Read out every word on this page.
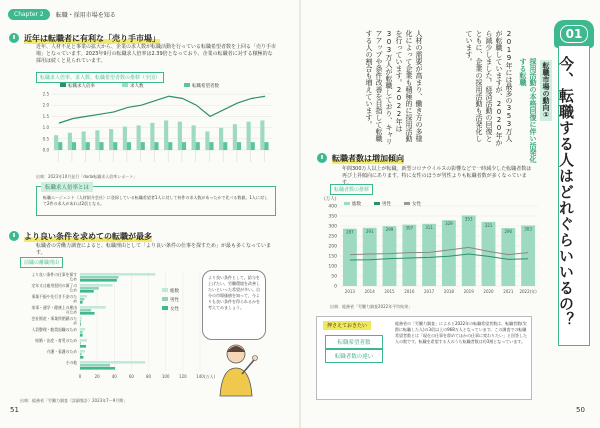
Chapter 2	転職・採用市場を知る
近年は転職者に有利な「売り手市場」
近年、人材不足と事業の拡大から、企業の求人数が転職活動を行っている転職希望者数を上回る「売り手市場」となっています。2023年9月の転職求人倍率は2.39倍となっており、企業の転職者に対する積極的な採用は続くと見られています。
転職求人倍率、求人数、転職希望者数の推移（全国）
転職求人倍率	求人数	転職希望者数
0.0
0.5
1.0
1.5
2.0
2.5
出典：2023年10月発行「doda転職求人倍率レポート」
転職求人倍率とは
転職エージェント（人材紹介会社）に登録している転職希望者1人に対して何件の求人数があったかで比べる数値。1人に対して2件の求人があれば2倍となる。
より良い条件を求めての転職が最多
転職者の労働力調査によると、転職理由として「より良い条件の仕事を探すため」が最も多くなっています。
前職の離職理由
0	20	40	60	80	100 120 140 (万人)
より良い条件の仕事を探す
ため
定年又は雇用契約の満了の
ため
事業不振や先行き不安のた
め
家事・通学・健康上の理由
のため
会社倒産・事業所閉鎖のた
め
人員整理・勧奨退職のため
結婚・出産・育児のため
介護・看護のため
その他
総数
男性
女性
より良い条件として、給与を上げたい、労働環境を改善したいといった希望が多い。自分の市場価値を知って、今よりも良い条件を得られるかを考えてみましょう。
出典：総務省「労働力調査（詳細集計）2023年7〜9月期」
51
01
今、転職する人はどれぐらいいるの？
転職市場の動向①
採用活動の本格回復に伴い活発化する転職
2019年には最多の353万人が転職していますが、2020年から減少しました。経済活動の回復とともに、企業の採用活動も活発化しています。
人材の需要が高まり、働き方の多様化によって企業も積極的に採用活動を行っています。2022年は303万人が転職しており、キャリアアップや条件改善を目指して転職する人の割合も増えています。
転職者数は増加傾向
年間300万人以上が転職。新型コロナウイルスの影響などで一時減少した転職者数は再び上昇傾向にあります。特に女性のほうが男性よりも転職者数が多くなっています。
転職者数の推移
(万人)
0
50
100
150
200
250
300
350
400	総数	男性	女性
287
2013
291
2014
299
2015
307
2016
311
2017
329
2018
353
2019
321
2020
290
2021
303
2022(年)
出典：総務省「労働力調査2022年平均結果」
押さえておきたい
転職希望者数
転職者数の違い
総務省の「労働力調査」によると2022年の転職希望者数は、転職者数(実際に転職した人)の3倍以上の968万人となっています。この調査での転職希望者数とは「現在の仕事を辞めてほかの仕事に変わりたい」と回答した人の数です。転職を希望する人のうち転職者数は約3割となっています。
50
